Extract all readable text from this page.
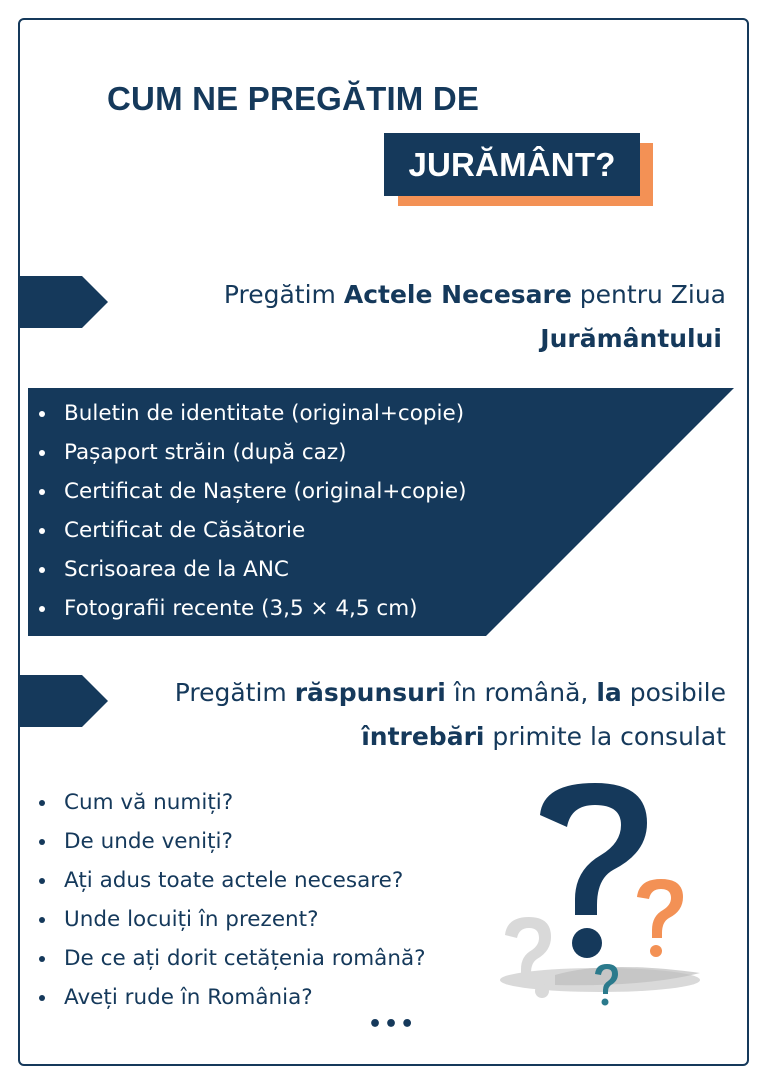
CUM NE PREGĂTIM DE
JURĂMÂNT?
Pregătim Actele Necesare pentru Ziua
Jurământului
Buletin de identitate (original+copie)
Pașaport străin (după caz)
Certificat de Naștere (original+copie)
Certificat de Căsătorie
Scrisoarea de la ANC
Fotografii recente (3,5 × 4,5 cm)
Pregătim răspunsuri în română, la posibile
întrebări primite la consulat
Cum vă numiți?
De unde veniți?
Ați adus toate actele necesare?
Unde locuiți în prezent?
De ce ați dorit cetățenia română?
Aveți rude în România?
•••
